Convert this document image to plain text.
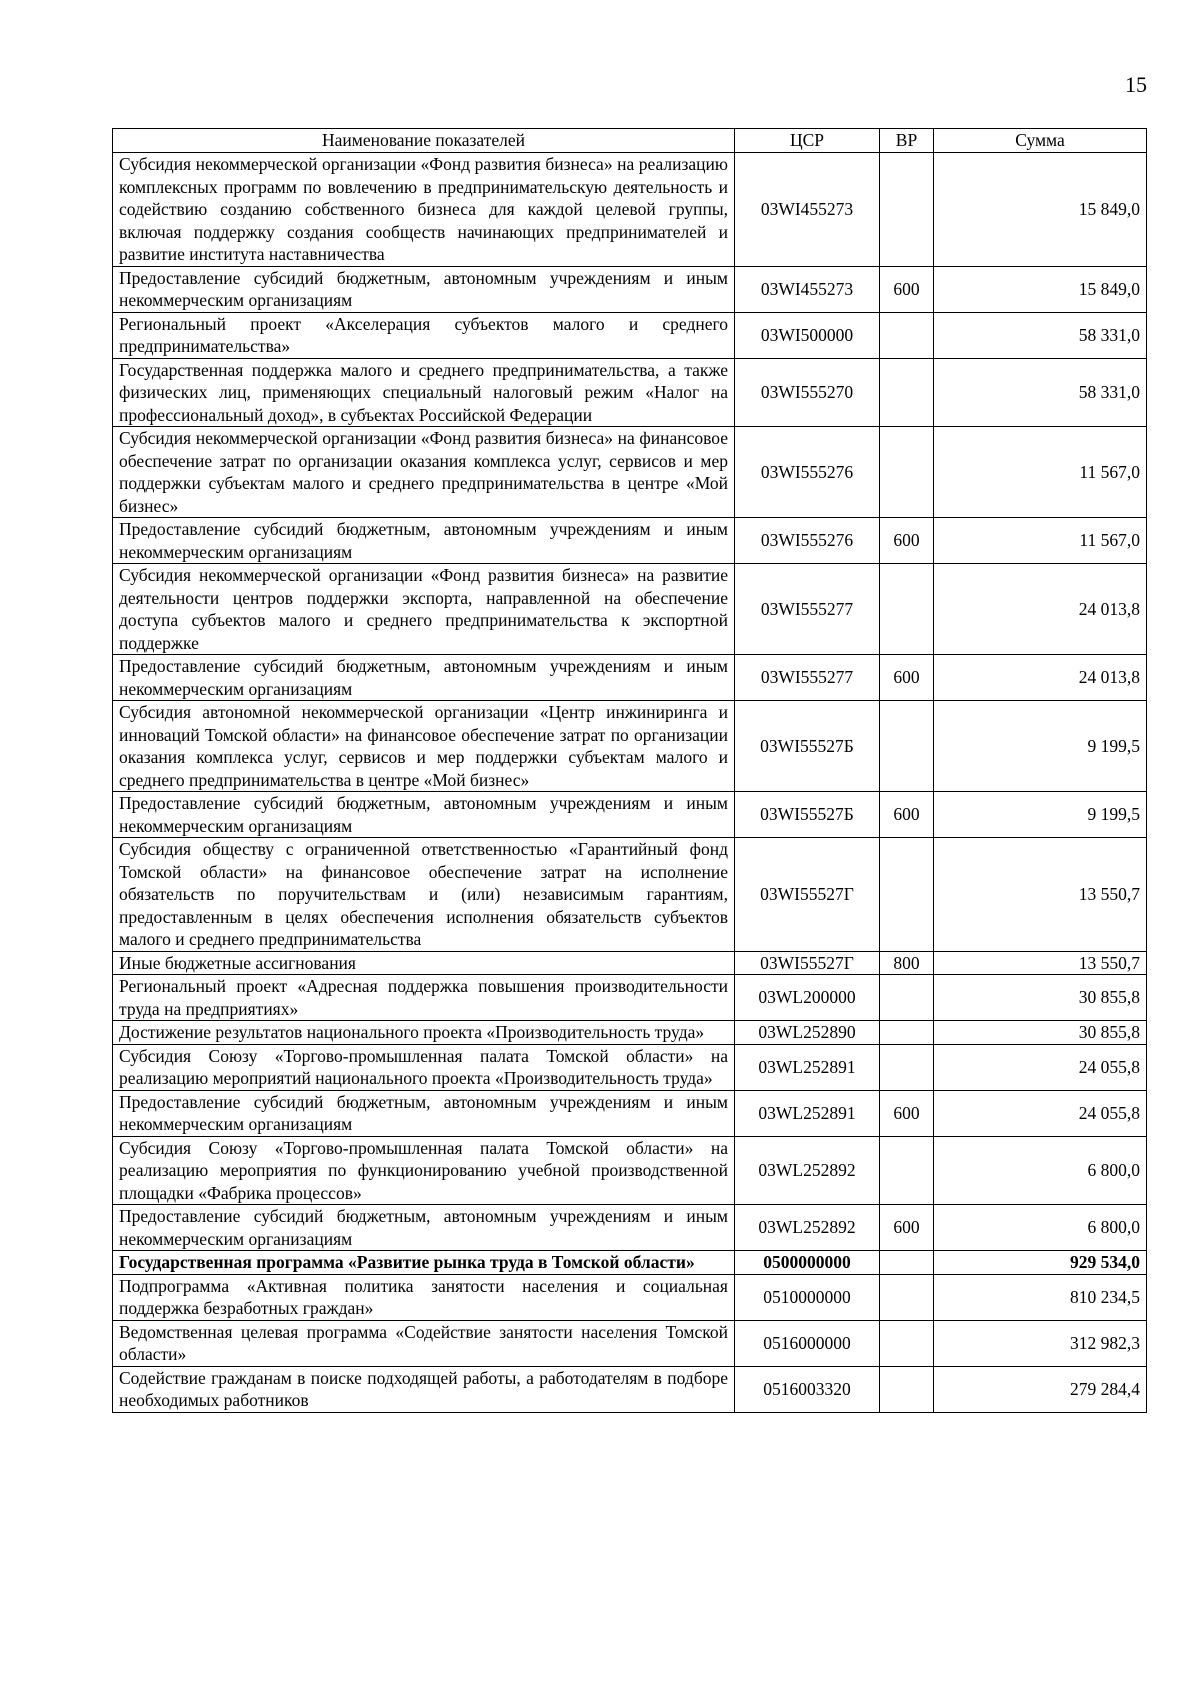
15
Наименование показателей	ЦСР	ВР	Сумма
Субсидия некоммерческой организации «Фонд развития бизнеса» на реализацию комплексных программ по вовлечению в предпринимательскую деятельность и содействию созданию собственного бизнеса для каждой целевой группы, включая поддержку создания сообществ начинающих предпринимателей и развитие института наставничества	03WI455273		15 849,0
Предоставление субсидий бюджетным, автономным учреждениям и иным некоммерческим организациям	03WI455273	600	15 849,0
Региональный проект «Акселерация субъектов малого и среднего предпринимательства»	03WI500000		58 331,0
Государственная поддержка малого и среднего предпринимательства, а также физических лиц, применяющих специальный налоговый режим «Налог на профессиональный доход», в субъектах Российской Федерации	03WI555270		58 331,0
Субсидия некоммерческой организации «Фонд развития бизнеса» на финансовое обеспечение затрат по организации оказания комплекса услуг, сервисов и мер поддержки субъектам малого и среднего предпринимательства в центре «Мой бизнес»	03WI555276		11 567,0
Предоставление субсидий бюджетным, автономным учреждениям и иным некоммерческим организациям	03WI555276	600	11 567,0
Субсидия некоммерческой организации «Фонд развития бизнеса» на развитие деятельности центров поддержки экспорта, направленной на обеспечение доступа субъектов малого и среднего предпринимательства к экспортной поддержке	03WI555277		24 013,8
Предоставление субсидий бюджетным, автономным учреждениям и иным некоммерческим организациям	03WI555277	600	24 013,8
Субсидия автономной некоммерческой организации «Центр инжиниринга и инноваций Томской области» на финансовое обеспечение затрат по организации оказания комплекса услуг, сервисов и мер поддержки субъектам малого и среднего предпринимательства в центре «Мой бизнес»	03WI55527Б		9 199,5
Предоставление субсидий бюджетным, автономным учреждениям и иным некоммерческим организациям	03WI55527Б	600	9 199,5
Субсидия обществу с ограниченной ответственностью «Гарантийный фонд Томской области» на финансовое обеспечение затрат на исполнение обязательств по поручительствам и (или) независимым гарантиям, предоставленным в целях обеспечения исполнения обязательств субъектов малого и среднего предпринимательства	03WI55527Г		13 550,7
Иные бюджетные ассигнования	03WI55527Г	800	13 550,7
Региональный проект «Адресная поддержка повышения производительности труда на предприятиях»	03WL200000		30 855,8
Достижение результатов национального проекта «Производительность труда»	03WL252890		30 855,8
Субсидия Союзу «Торгово-промышленная палата Томской области» на реализацию мероприятий национального проекта «Производительность труда»	03WL252891		24 055,8
Предоставление субсидий бюджетным, автономным учреждениям и иным некоммерческим организациям	03WL252891	600	24 055,8
Субсидия Союзу «Торгово-промышленная палата Томской области» на реализацию мероприятия по функционированию учебной производственной площадки «Фабрика процессов»	03WL252892		6 800,0
Предоставление субсидий бюджетным, автономным учреждениям и иным некоммерческим организациям	03WL252892	600	6 800,0
Государственная программа «Развитие рынка труда в Томской области»	0500000000		929 534,0
Подпрограмма «Активная политика занятости населения и социальная поддержка безработных граждан»	0510000000		810 234,5
Ведомственная целевая программа «Содействие занятости населения Томской области»	0516000000		312 982,3
Содействие гражданам в поиске подходящей работы, а работодателям в подборе необходимых работников	0516003320		279 284,4
